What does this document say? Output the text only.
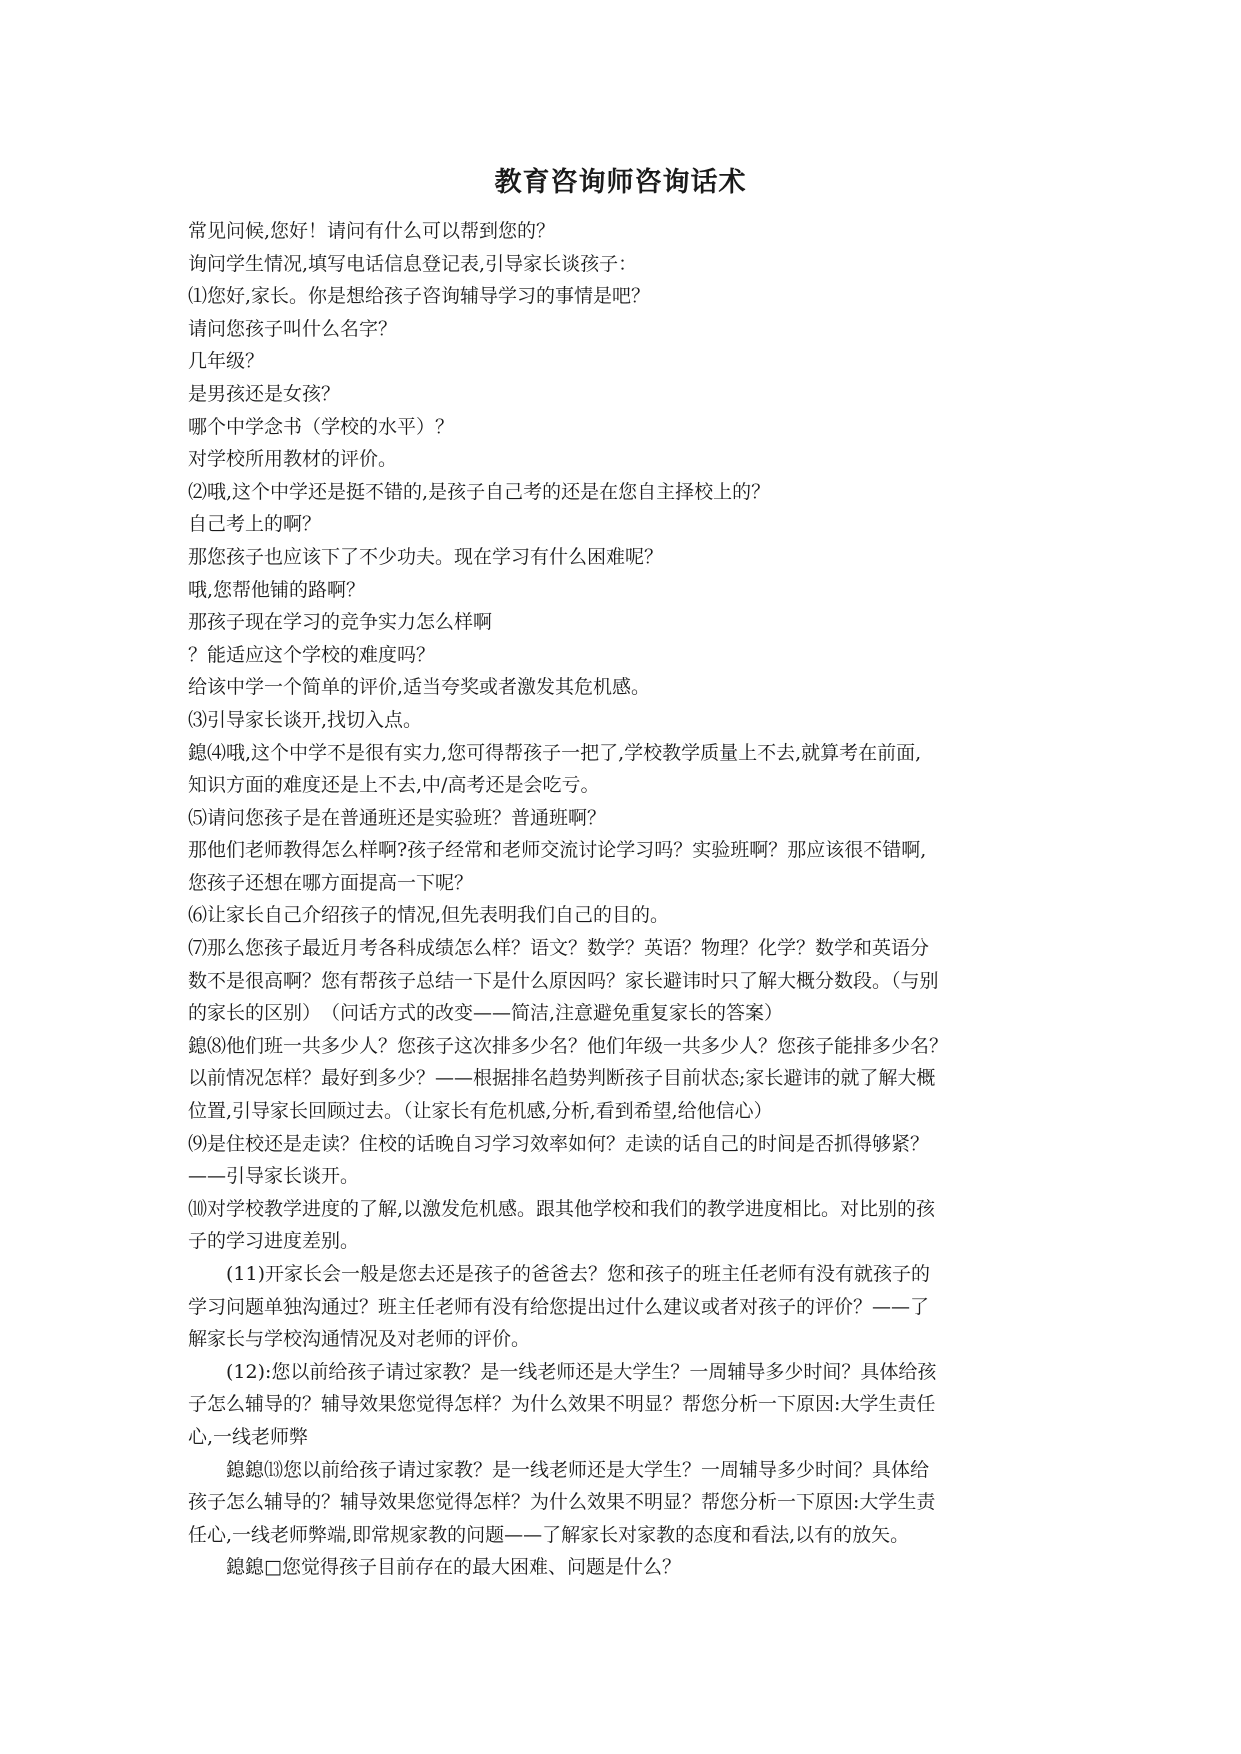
教育咨询师咨询话术
常见问候,您好！请问有什么可以帮到您的？
询问学生情况,填写电话信息登记表,引导家长谈孩子：
⑴您好,家长。你是想给孩子咨询辅导学习的事情是吧？
请问您孩子叫什么名字？
几年级？
是男孩还是女孩？
哪个中学念书（学校的水平）？
对学校所用教材的评价。
⑵哦,这个中学还是挺不错的,是孩子自己考的还是在您自主择校上的？
自己考上的啊？
那您孩子也应该下了不少功夫。现在学习有什么困难呢？
哦,您帮他铺的路啊？
那孩子现在学习的竞争实力怎么样啊
？能适应这个学校的难度吗？
给该中学一个简单的评价,适当夸奖或者激发其危机感。
⑶引导家长谈开,找切入点。
鎴⑷哦,这个中学不是很有实力,您可得帮孩子一把了,学校教学质量上不去,就算考在前面,
知识方面的难度还是上不去,中/高考还是会吃亏。
⑸请问您孩子是在普通班还是实验班？普通班啊？
那他们老师教得怎么样啊?孩子经常和老师交流讨论学习吗？实验班啊？那应该很不错啊,
您孩子还想在哪方面提高一下呢？
⑹让家长自己介绍孩子的情况,但先表明我们自己的目的。
⑺那么您孩子最近月考各科成绩怎么样？语文？数学？英语？物理？化学？数学和英语分
数不是很高啊？您有帮孩子总结一下是什么原因吗？家长避讳时只了解大概分数段。（与别
的家长的区别）　（问话方式的改变——简洁,注意避免重复家长的答案）
鎴⑻他们班一共多少人？您孩子这次排多少名？他们年级一共多少人？您孩子能排多少名？
以前情况怎样？最好到多少？——根据排名趋势判断孩子目前状态;家长避讳的就了解大概
位置,引导家长回顾过去。（让家长有危机感,分析,看到希望,给他信心）
⑼是住校还是走读？住校的话晚自习学习效率如何？走读的话自己的时间是否抓得够紧？
——引导家长谈开。
⑽对学校教学进度的了解,以激发危机感。跟其他学校和我们的教学进度相比。对比别的孩
子的学习进度差别。
(11)开家长会一般是您去还是孩子的爸爸去？您和孩子的班主任老师有没有就孩子的
学习问题单独沟通过？班主任老师有没有给您提出过什么建议或者对孩子的评价？——了
解家长与学校沟通情况及对老师的评价。
(12):您以前给孩子请过家教？是一线老师还是大学生？一周辅导多少时间？具体给孩
子怎么辅导的？辅导效果您觉得怎样？为什么效果不明显？帮您分析一下原因:大学生责任
心,一线老师弊
鎴鎴⒀您以前给孩子请过家教？是一线老师还是大学生？一周辅导多少时间？具体给
孩子怎么辅导的？辅导效果您觉得怎样？为什么效果不明显？帮您分析一下原因:大学生责
任心,一线老师弊端,即常规家教的问题——了解家长对家教的态度和看法,以有的放矢。
鎴鎴□您觉得孩子目前存在的最大困难、问题是什么？
